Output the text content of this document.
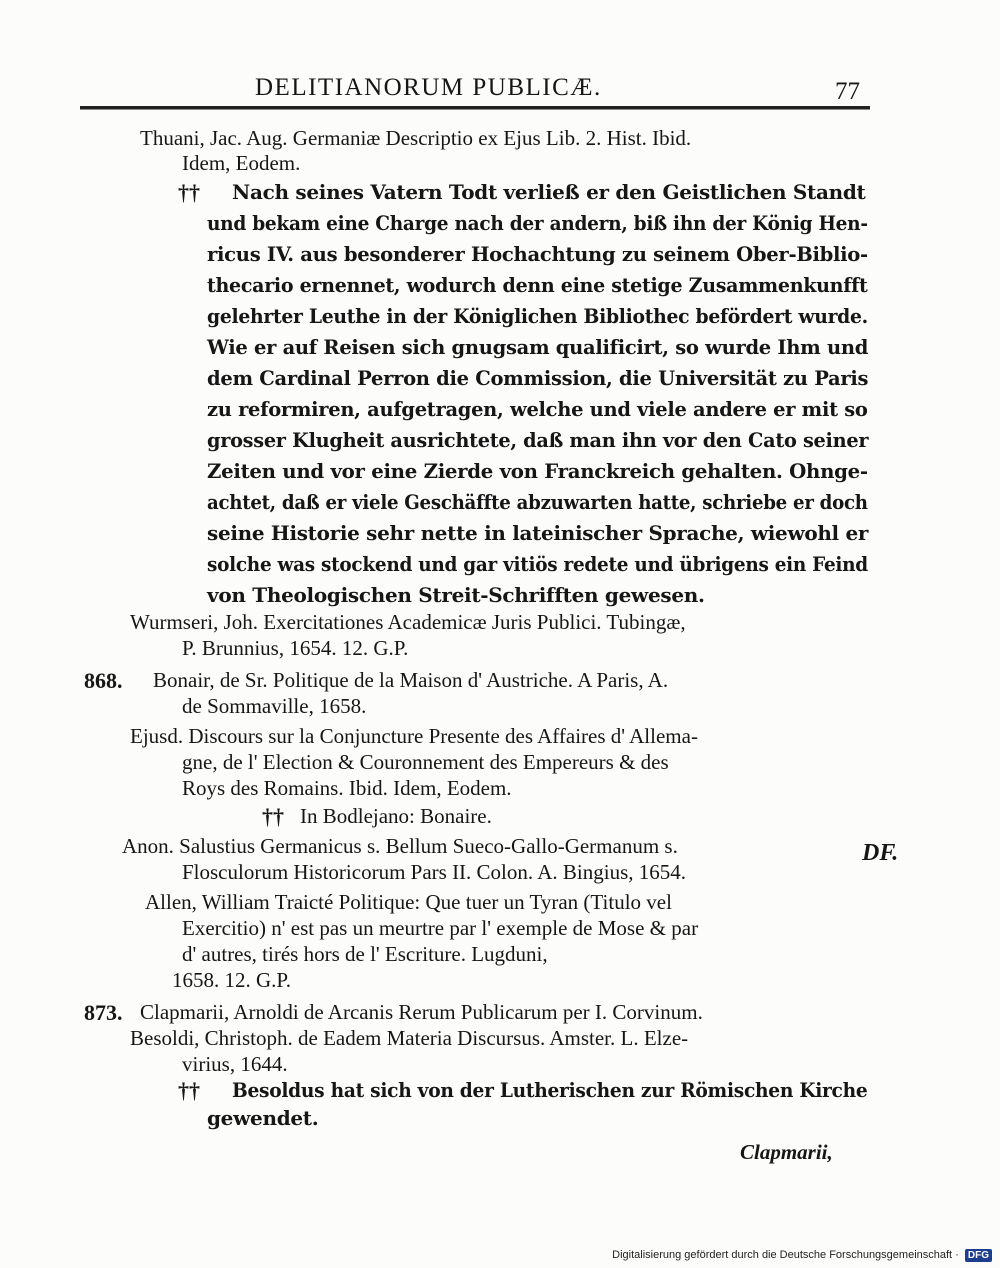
DELITIANORUM PUBLICÆ.	77
Thuani, Jac. Aug. Germaniæ Descriptio ex Ejus Lib. 2. Hist. Ibid.
Idem, Eodem.
†† Nach seines Vatern Todt verließ er den Geistlichen Standt
und bekam eine Charge nach der andern, biß ihn der König Hen-
ricus IV. aus besonderer Hochachtung zu seinem Ober-Biblio-
thecario ernennet, wodurch denn eine stetige Zusammenkunfft
gelehrter Leuthe in der Königlichen Bibliothec befördert wurde.
Wie er auf Reisen sich gnugsam qualificirt, so wurde Ihm und
dem Cardinal Perron die Commission, die Universität zu Paris
zu reformiren, aufgetragen, welche und viele andere er mit so
grosser Klugheit ausrichtete, daß man ihn vor den Cato seiner
Zeiten und vor eine Zierde von Franckreich gehalten. Ohnge-
achtet, daß er viele Geschäffte abzuwarten hatte, schriebe er doch
seine Historie sehr nette in lateinischer Sprache, wiewohl er
solche was stockend und gar vitiös redete und übrigens ein Feind
von Theologischen Streit-Schrifften gewesen.
Wurmseri, Joh. Exercitationes Academicæ Juris Publici. Tubingæ,
P. Brunnius, 1654. 12. G.P.
868. Bonair, de Sr. Politique de la Maison d' Austriche. A Paris, A.
de Sommaville, 1658.
Ejusd. Discours sur la Conjuncture Presente des Affaires d' Allema-
gne, de l' Election & Couronnement des Empereurs & des
Roys des Romains. Ibid. Idem, Eodem.
†† In Bodlejano: Bonaire.
Anon. Salustius Germanicus s. Bellum Sueco-Gallo-Germanum s.	DF.
Flosculorum Historicorum Pars II. Colon. A. Bingius, 1654.
Allen, William Traicté Politique: Que tuer un Tyran (Titulo vel
Exercitio) n' est pas un meurtre par l' exemple de Mose & par
d' autres, tirés hors de l' Escriture. Lugduni,
1658. 12. G.P.
873. Clapmarii, Arnoldi de Arcanis Rerum Publicarum per I. Corvinum.
Besoldi, Christoph. de Eadem Materia Discursus. Amster. L. Elze-
virius, 1644.
†† Besoldus hat sich von der Lutherischen zur Römischen Kirche
gewendet.
Clapmarii,
Digitalisierung gefördert durch die Deutsche Forschungsgemeinschaft · DFG
